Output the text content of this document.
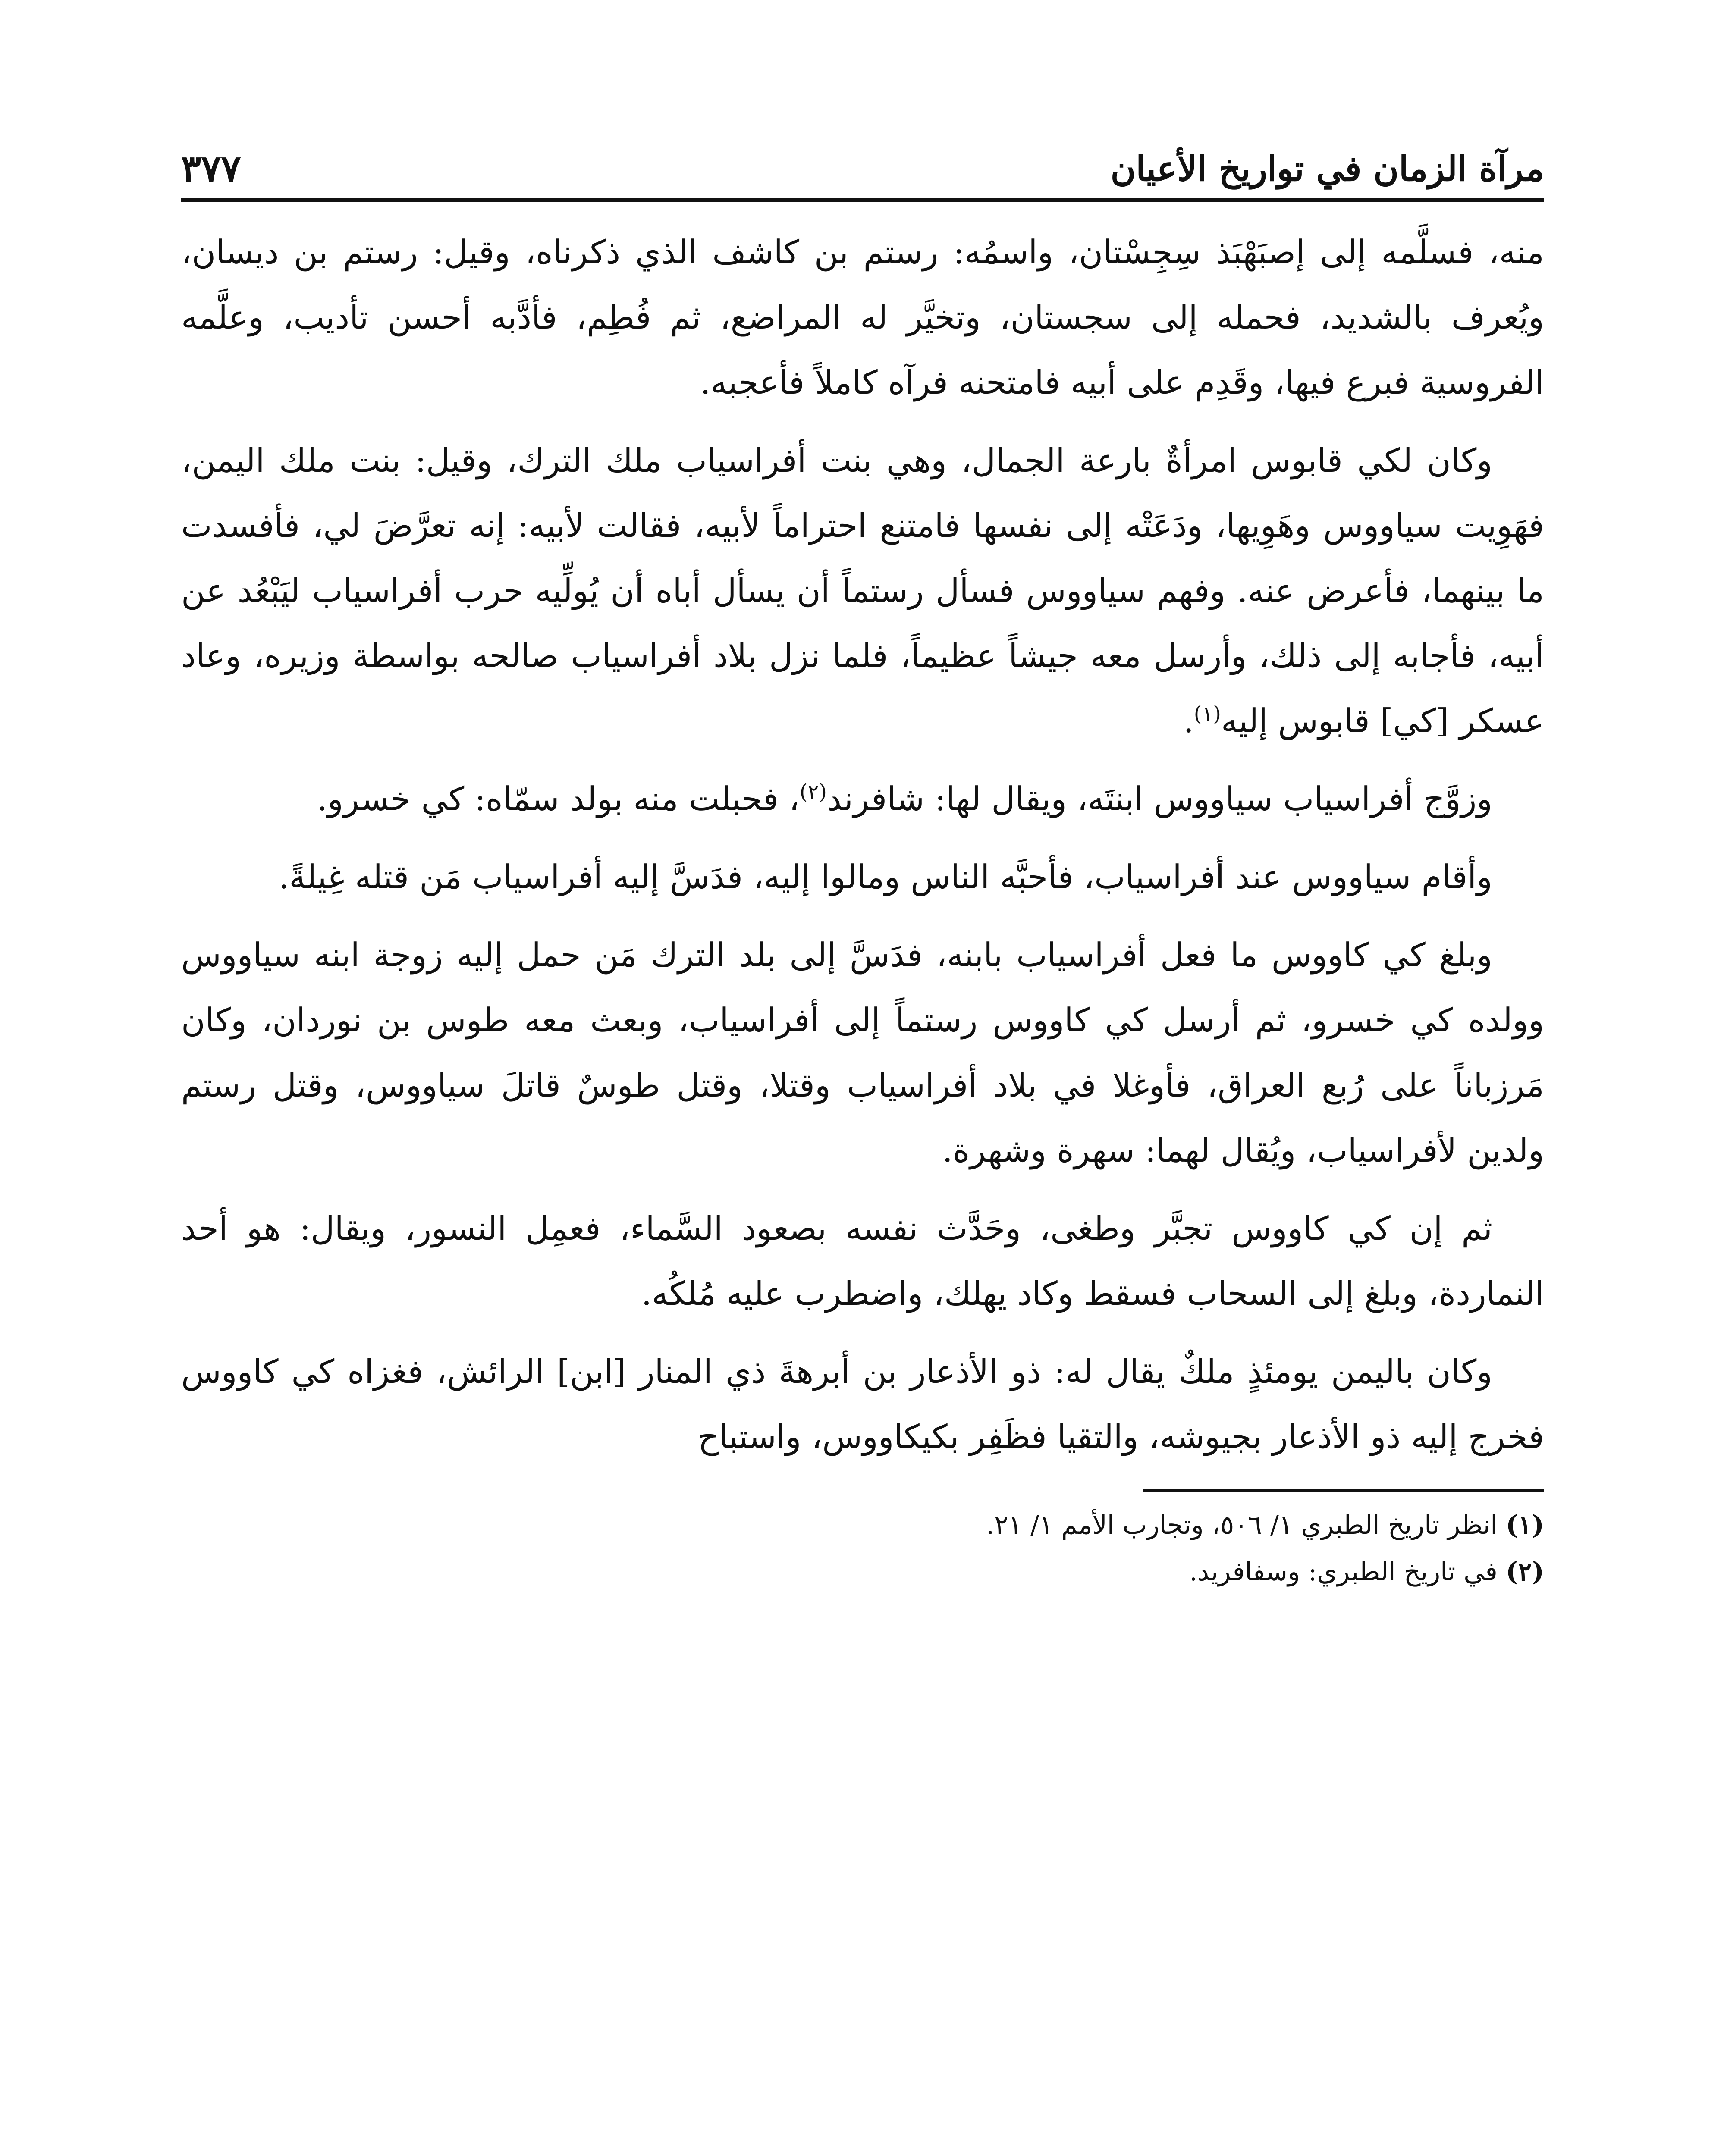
مرآة الزمان في تواريخ الأعيان
٣٧٧

منه، فسلَّمه إلى إصبَهْبَذ سِجِسْتان، واسمُه: رستم بن كاشف الذي ذكرناه، وقيل: رستم بن ديسان، ويُعرف بالشديد، فحمله إلى سجستان، وتخيَّر له المراضع، ثم فُطِم، فأدَّبه أحسن تأديب، وعلَّمه الفروسية فبرع فيها، وقَدِم على أبيه فامتحنه فرآه كاملاً فأعجبه.

وكان لكي قابوس امرأةٌ بارعة الجمال، وهي بنت أفراسياب ملك الترك، وقيل: بنت ملك اليمن، فهَوِيت سياووس وهَوِيها، ودَعَتْه إلى نفسها فامتنع احتراماً لأبيه، فقالت لأبيه: إنه تعرَّضَ لي، فأفسدت ما بينهما، فأعرض عنه. وفهم سياووس فسأل رستماً أن يسأل أباه أن يُولِّيه حرب أفراسياب ليَبْعُد عن أبيه، فأجابه إلى ذلك، وأرسل معه جيشاً عظيماً، فلما نزل بلاد أفراسياب صالحه بواسطة وزيره، وعاد عسكر [كي] قابوس إليه$^{(١)}$.

وزوَّج أفراسياب سياووس ابنتَه، ويقال لها: شافرند$^{(٢)}$، فحبلت منه بولد سمّاه: كي خسرو.

وأقام سياووس عند أفراسياب، فأحبَّه الناس ومالوا إليه، فدَسَّ إليه أفراسياب مَن قتله غِيلةً.

وبلغ كي كاووس ما فعل أفراسياب بابنه، فدَسَّ إلى بلد الترك مَن حمل إليه زوجة ابنه سياووس وولده كي خسرو، ثم أرسل كي كاووس رستماً إلى أفراسياب، وبعث معه طوس بن نوردان، وكان مَرزباناً على رُبع العراق، فأوغلا في بلاد أفراسياب وقتلا، وقتل طوسٌ قاتلَ سياووس، وقتل رستم ولدين لأفراسياب، ويُقال لهما: سهرة وشهرة.

ثم إن كي كاووس تجبَّر وطغى، وحَدَّث نفسه بصعود السَّماء، فعمِل النسور، ويقال: هو أحد النماردة، وبلغ إلى السحاب فسقط وكاد يهلك، واضطرب عليه مُلكُه.

وكان باليمن يومئذٍ ملكٌ يقال له: ذو الأذعار بن أبرهةَ ذي المنار [ابن] الرائش، فغزاه كي كاووس فخرج إليه ذو الأذعار بجيوشه، والتقيا فظَفِر بكيكاووس، واستباح

(١) انظر تاريخ الطبري ١/ ٥٠٦، وتجارب الأمم ١/ ٢١.
(٢) في تاريخ الطبري: وسفافريد.
